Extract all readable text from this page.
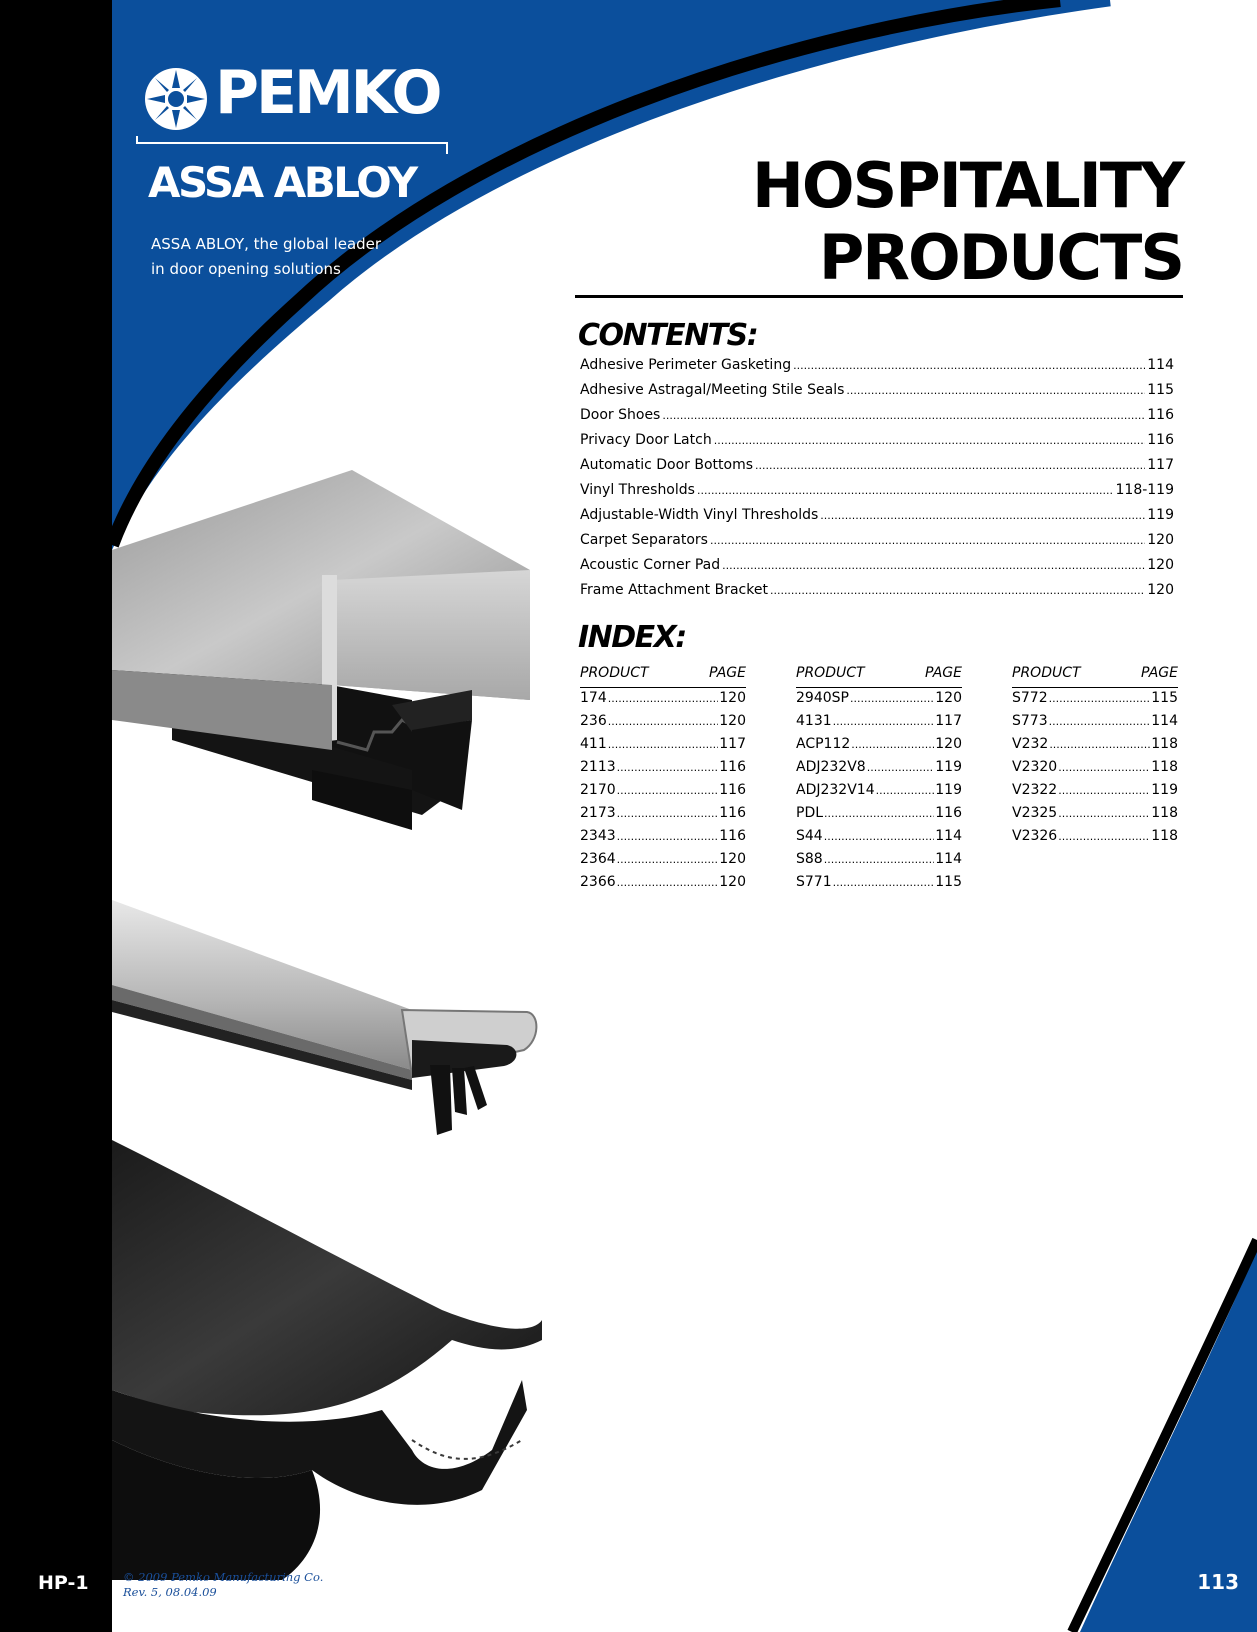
PEMKO
ASSA ABLOY
ASSA ABLOY, the global leader
in door opening solutions
HOSPITALITY
PRODUCTS
CONTENTS:
Adhesive Perimeter Gasketing .....	114
Adhesive Astragal/Meeting Stile Seals .....	115
Door Shoes .....	116
Privacy Door Latch .....	116
Automatic Door Bottoms .....	117
Vinyl Thresholds .....	118-119
Adjustable-Width Vinyl Thresholds .....	119
Carpet Separators .....	120
Acoustic Corner Pad .....	120
Frame Attachment Bracket .....	120
INDEX:
PRODUCT	PAGE
174 .....	120
236 .....	120
411 .....	117
2113 .....	116
2170 .....	116
2173 .....	116
2343 .....	116
2364 .....	120
2366 .....	120
PRODUCT	PAGE
2940SP .....	120
4131 .....	117
ACP112 .....	120
ADJ232V8 .....	119
ADJ232V14 .....	119
PDL .....	116
S44 .....	114
S88 .....	114
S771 .....	115
PRODUCT	PAGE
S772 .....	115
S773 .....	114
V232 .....	118
V2320 .....	118
V2322 .....	119
V2325 .....	118
V2326 .....	118
HP-1	© 2009 Pemko Manufacturing Co.
Rev. 5, 08.04.09	113
